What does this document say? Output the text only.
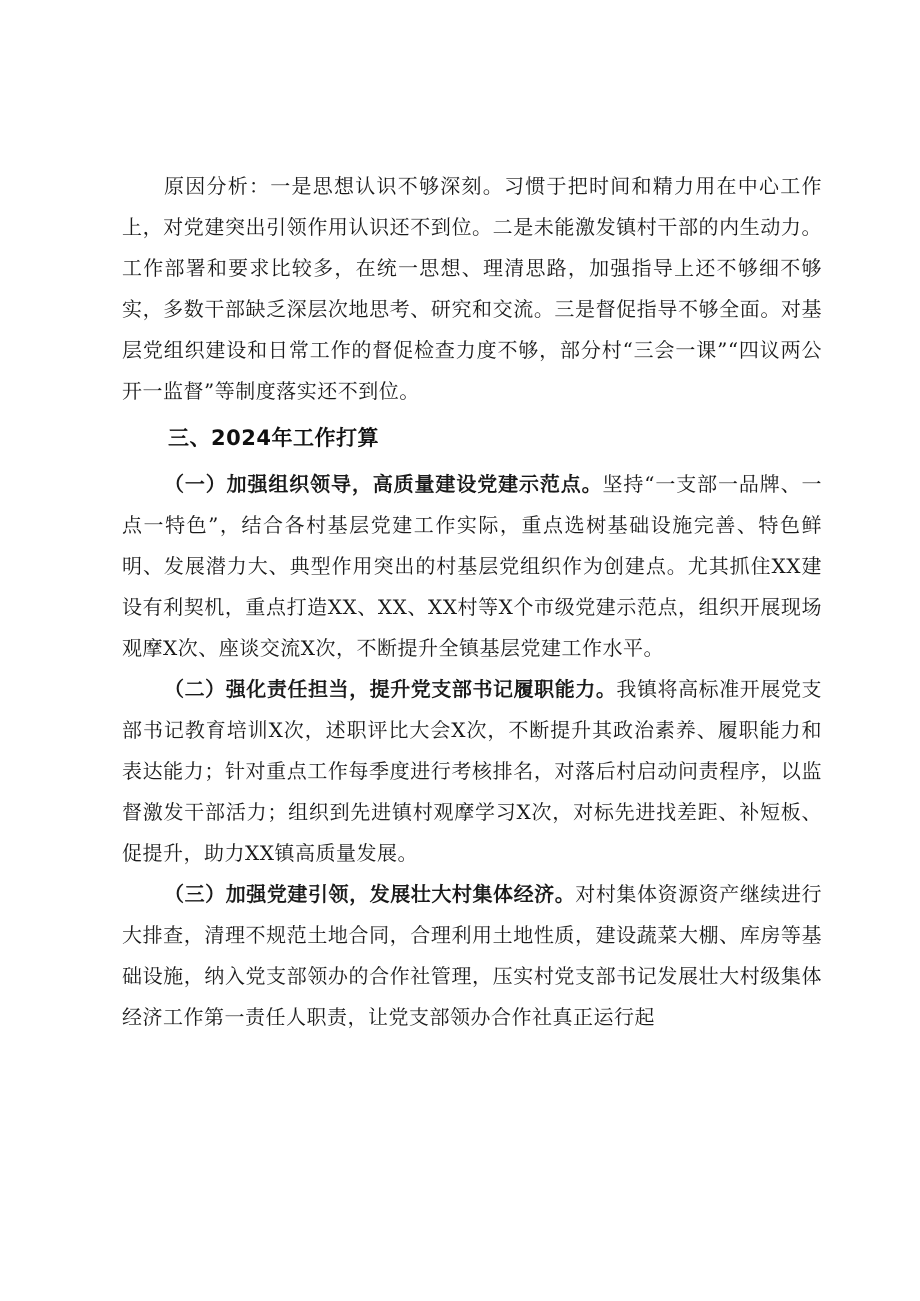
原因分析：一是思想认识不够深刻。习惯于把时间和精力用在中心工作上，对党建突出引领作用认识还不到位。二是未能激发镇村干部的内生动力。工作部署和要求比较多，在统一思想、理清思路，加强指导上还不够细不够实，多数干部缺乏深层次地思考、研究和交流。三是督促指导不够全面。对基层党组织建设和日常工作的督促检查力度不够，部分村“三会一课”“四议两公开一监督”等制度落实还不到位。

三、2024年工作打算

（一）加强组织领导，高质量建设党建示范点。坚持“一支部一品牌、一点一特色”，结合各村基层党建工作实际，重点选树基础设施完善、特色鲜明、发展潜力大、典型作用突出的村基层党组织作为创建点。尤其抓住XX建设有利契机，重点打造XX、XX、XX村等X个市级党建示范点，组织开展现场观摩X次、座谈交流X次，不断提升全镇基层党建工作水平。

（二）强化责任担当，提升党支部书记履职能力。我镇将高标准开展党支部书记教育培训X次，述职评比大会X次，不断提升其政治素养、履职能力和表达能力；针对重点工作每季度进行考核排名，对落后村启动问责程序，以监督激发干部活力；组织到先进镇村观摩学习X次，对标先进找差距、补短板、促提升，助力XX镇高质量发展。

（三）加强党建引领，发展壮大村集体经济。对村集体资源资产继续进行大排查，清理不规范土地合同，合理利用土地性质，建设蔬菜大棚、库房等基础设施，纳入党支部领办的合作社管理，压实村党支部书记发展壮大村级集体经济工作第一责任人职责，让党支部领办合作社真正运行起
